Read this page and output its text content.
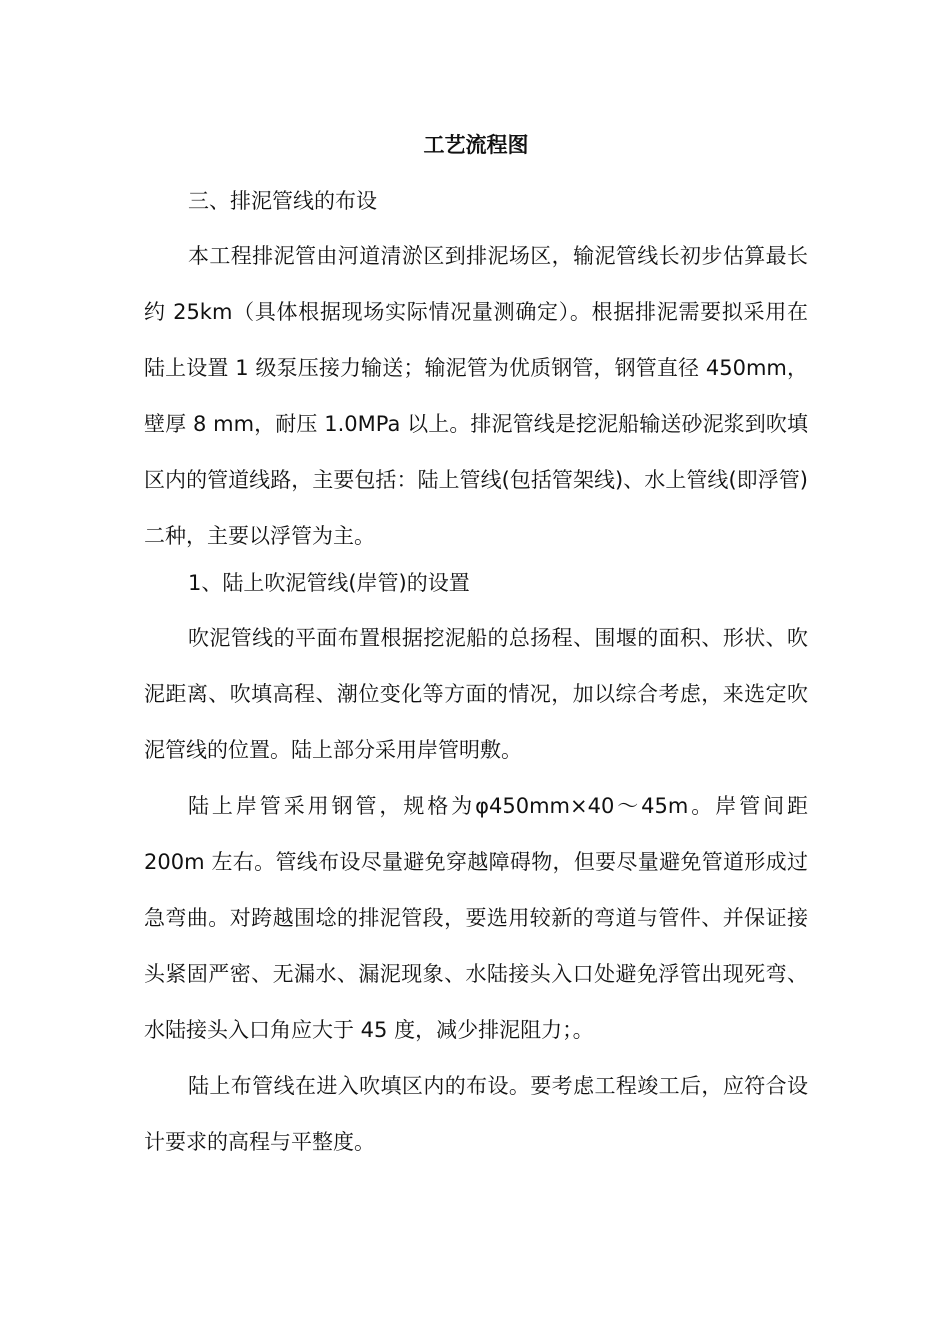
工艺流程图
三、排泥管线的布设

本工程排泥管由河道清淤区到排泥场区，输泥管线长初步估算最长约 25km（具体根据现场实际情况量测确定）。根据排泥需要拟采用在陆上设置 1 级泵压接力输送；输泥管为优质钢管，钢管直径 450mm，壁厚 8 mm，耐压 1.0MPa 以上。排泥管线是挖泥船输送砂泥浆到吹填区内的管道线路，主要包括：陆上管线(包括管架线)、水上管线(即浮管)二种，主要以浮管为主。

1、陆上吹泥管线(岸管)的设置

吹泥管线的平面布置根据挖泥船的总扬程、围堰的面积、形状、吹泥距离、吹填高程、潮位变化等方面的情况，加以综合考虑，来选定吹泥管线的位置。陆上部分采用岸管明敷。

陆上岸管采用钢管，规格为φ450mm×40～45m。岸管间距 200m 左右。管线布设尽量避免穿越障碍物，但要尽量避免管道形成过急弯曲。对跨越围埝的排泥管段，要选用较新的弯道与管件、并保证接头紧固严密、无漏水、漏泥现象、水陆接头入口处避免浮管出现死弯、水陆接头入口角应大于 45 度，减少排泥阻力；。

陆上布管线在进入吹填区内的布设。要考虑工程竣工后，应符合设计要求的高程与平整度。
